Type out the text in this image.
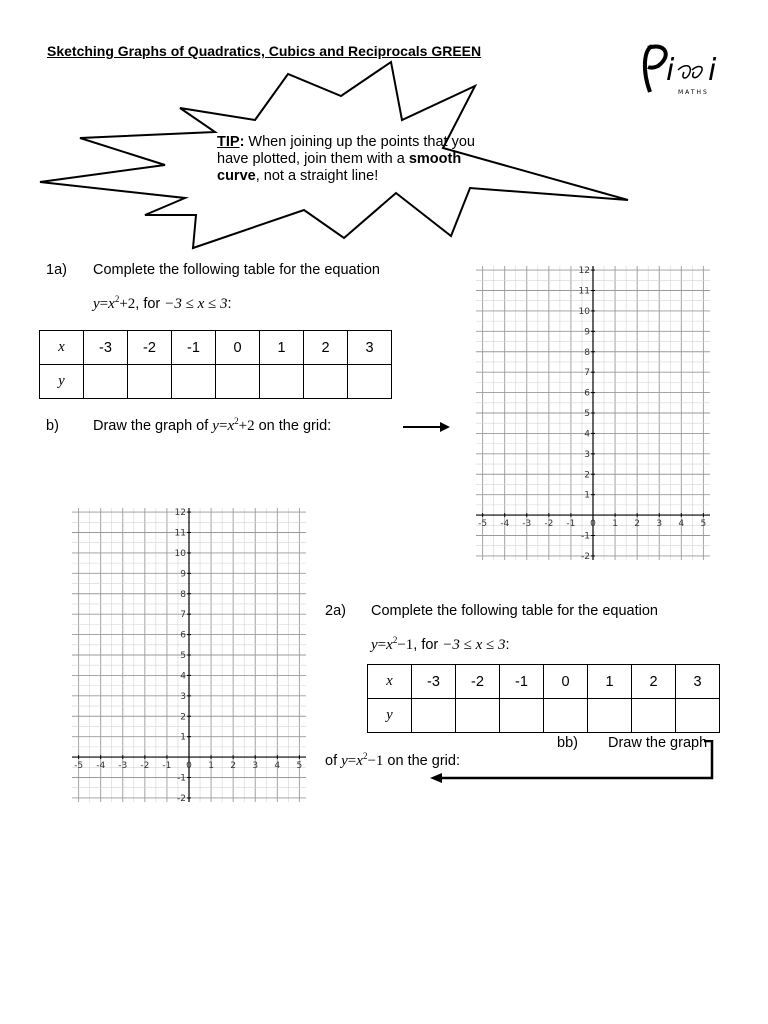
Sketching Graphs of Quadratics, Cubics and Reciprocals GREEN
i i
MATHS
TIP: When joining up the points that you have plotted, join them with a smooth curve, not a straight line!
1a) Complete the following table for the equation
$y=x^2+2$, for −3 ≤ x ≤ 3:
x	-3	-2	-1	0	1	2	3
y							
b) Draw the graph of $y=x^2+2$ on the grid:
-5 -4 -3 -2 -1 0 1 2 3 4 5
-2
-1
1
2
3
4
5
6
7
8
9
10
11
12
-5 -4 -3 -2 -1 0 1 2 3 4 5
-2
-1
1
2
3
4
5
6
7
8
9
10
11
12
2a) Complete the following table for the equation
$y=x^2-1$, for −3 ≤ x ≤ 3:
x	-3	-2	-1	0	1	2	3
y							
bb) Draw the graph
of $y=x^2-1$ on the grid:
